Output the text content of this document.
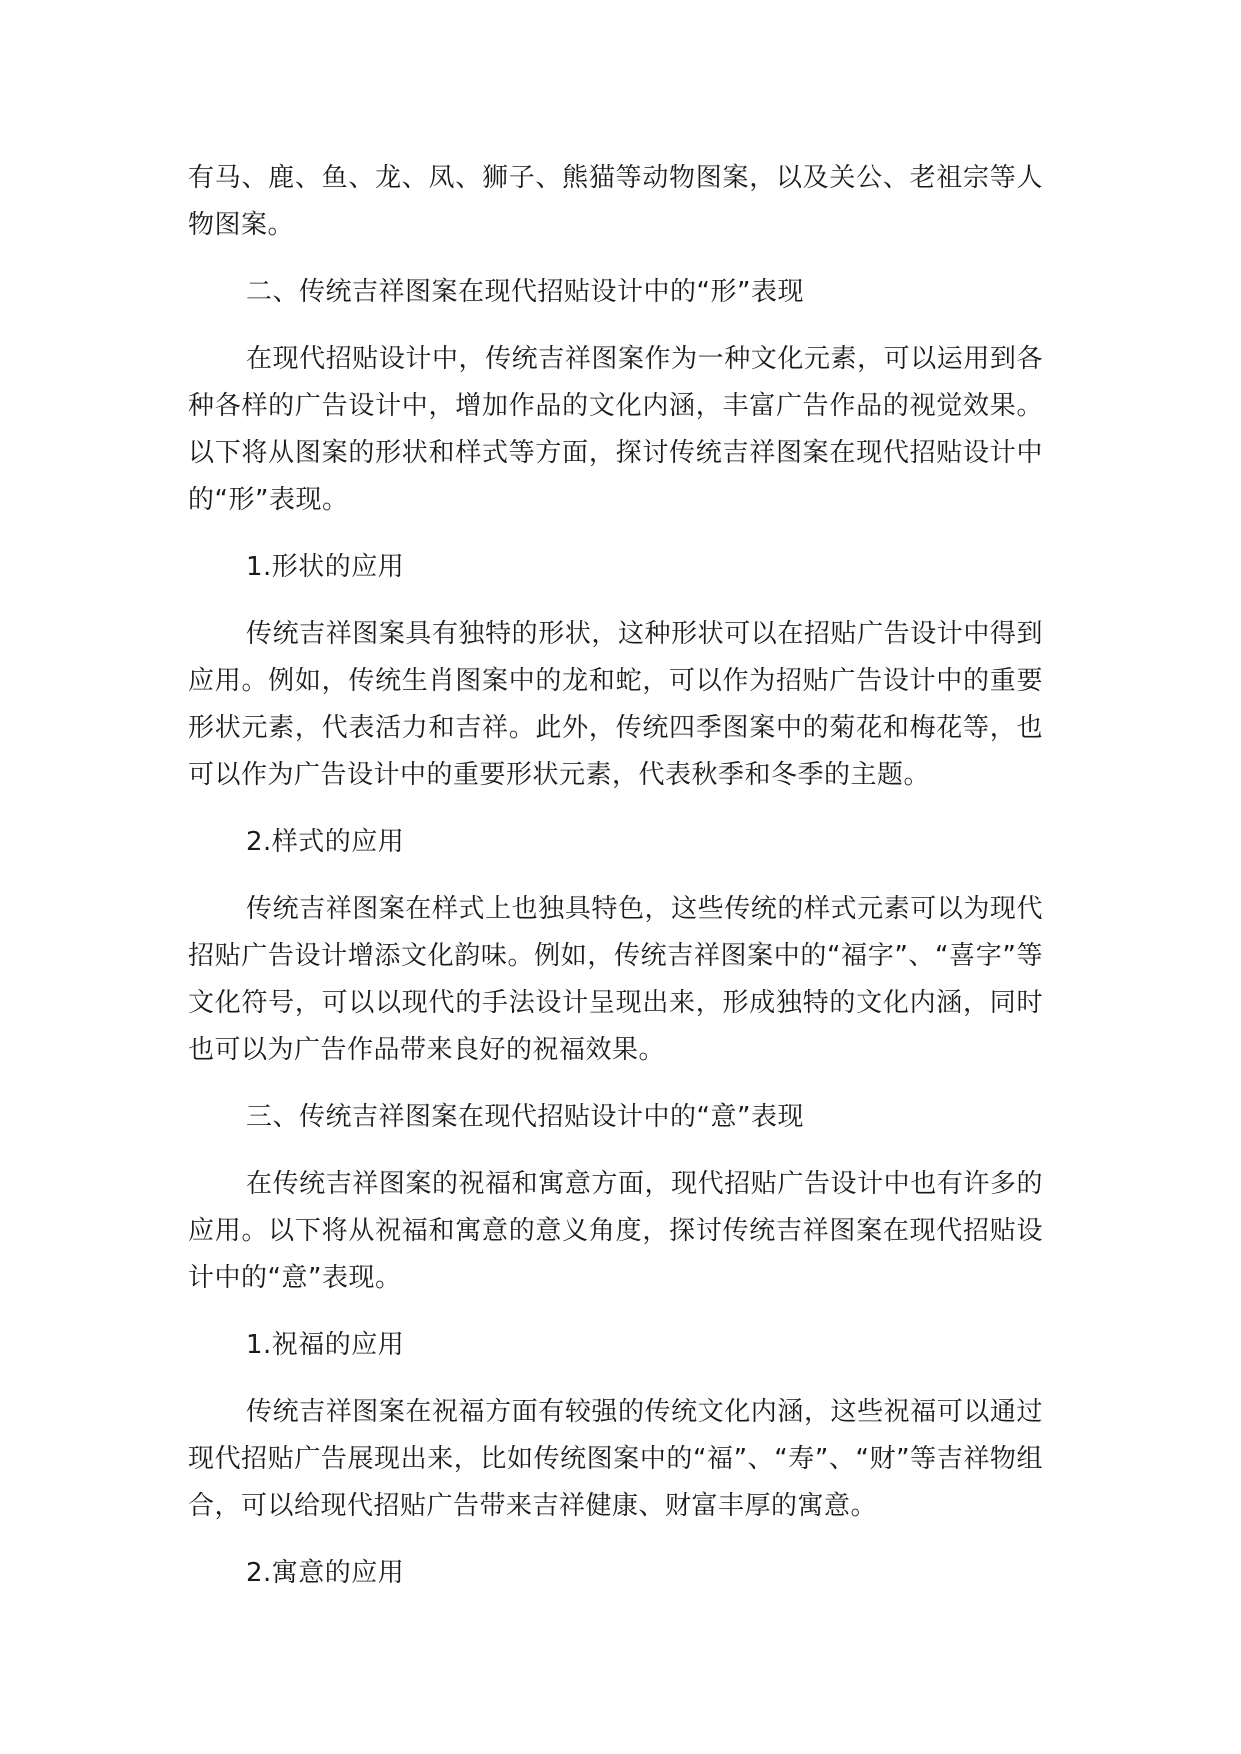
有马、鹿、鱼、龙、凤、狮子、熊猫等动物图案，以及关公、老祖宗等人物图案。

二、传统吉祥图案在现代招贴设计中的“形”表现

在现代招贴设计中，传统吉祥图案作为一种文化元素，可以运用到各种各样的广告设计中，增加作品的文化内涵，丰富广告作品的视觉效果。以下将从图案的形状和样式等方面，探讨传统吉祥图案在现代招贴设计中的“形”表现。

1.形状的应用

传统吉祥图案具有独特的形状，这种形状可以在招贴广告设计中得到应用。例如，传统生肖图案中的龙和蛇，可以作为招贴广告设计中的重要形状元素，代表活力和吉祥。此外，传统四季图案中的菊花和梅花等，也可以作为广告设计中的重要形状元素，代表秋季和冬季的主题。

2.样式的应用

传统吉祥图案在样式上也独具特色，这些传统的样式元素可以为现代招贴广告设计增添文化韵味。例如，传统吉祥图案中的“福字”、“喜字”等文化符号，可以以现代的手法设计呈现出来，形成独特的文化内涵，同时也可以为广告作品带来良好的祝福效果。

三、传统吉祥图案在现代招贴设计中的“意”表现

在传统吉祥图案的祝福和寓意方面，现代招贴广告设计中也有许多的应用。以下将从祝福和寓意的意义角度，探讨传统吉祥图案在现代招贴设计中的“意”表现。

1.祝福的应用

传统吉祥图案在祝福方面有较强的传统文化内涵，这些祝福可以通过现代招贴广告展现出来，比如传统图案中的“福”、“寿”、“财”等吉祥物组合，可以给现代招贴广告带来吉祥健康、财富丰厚的寓意。

2.寓意的应用
